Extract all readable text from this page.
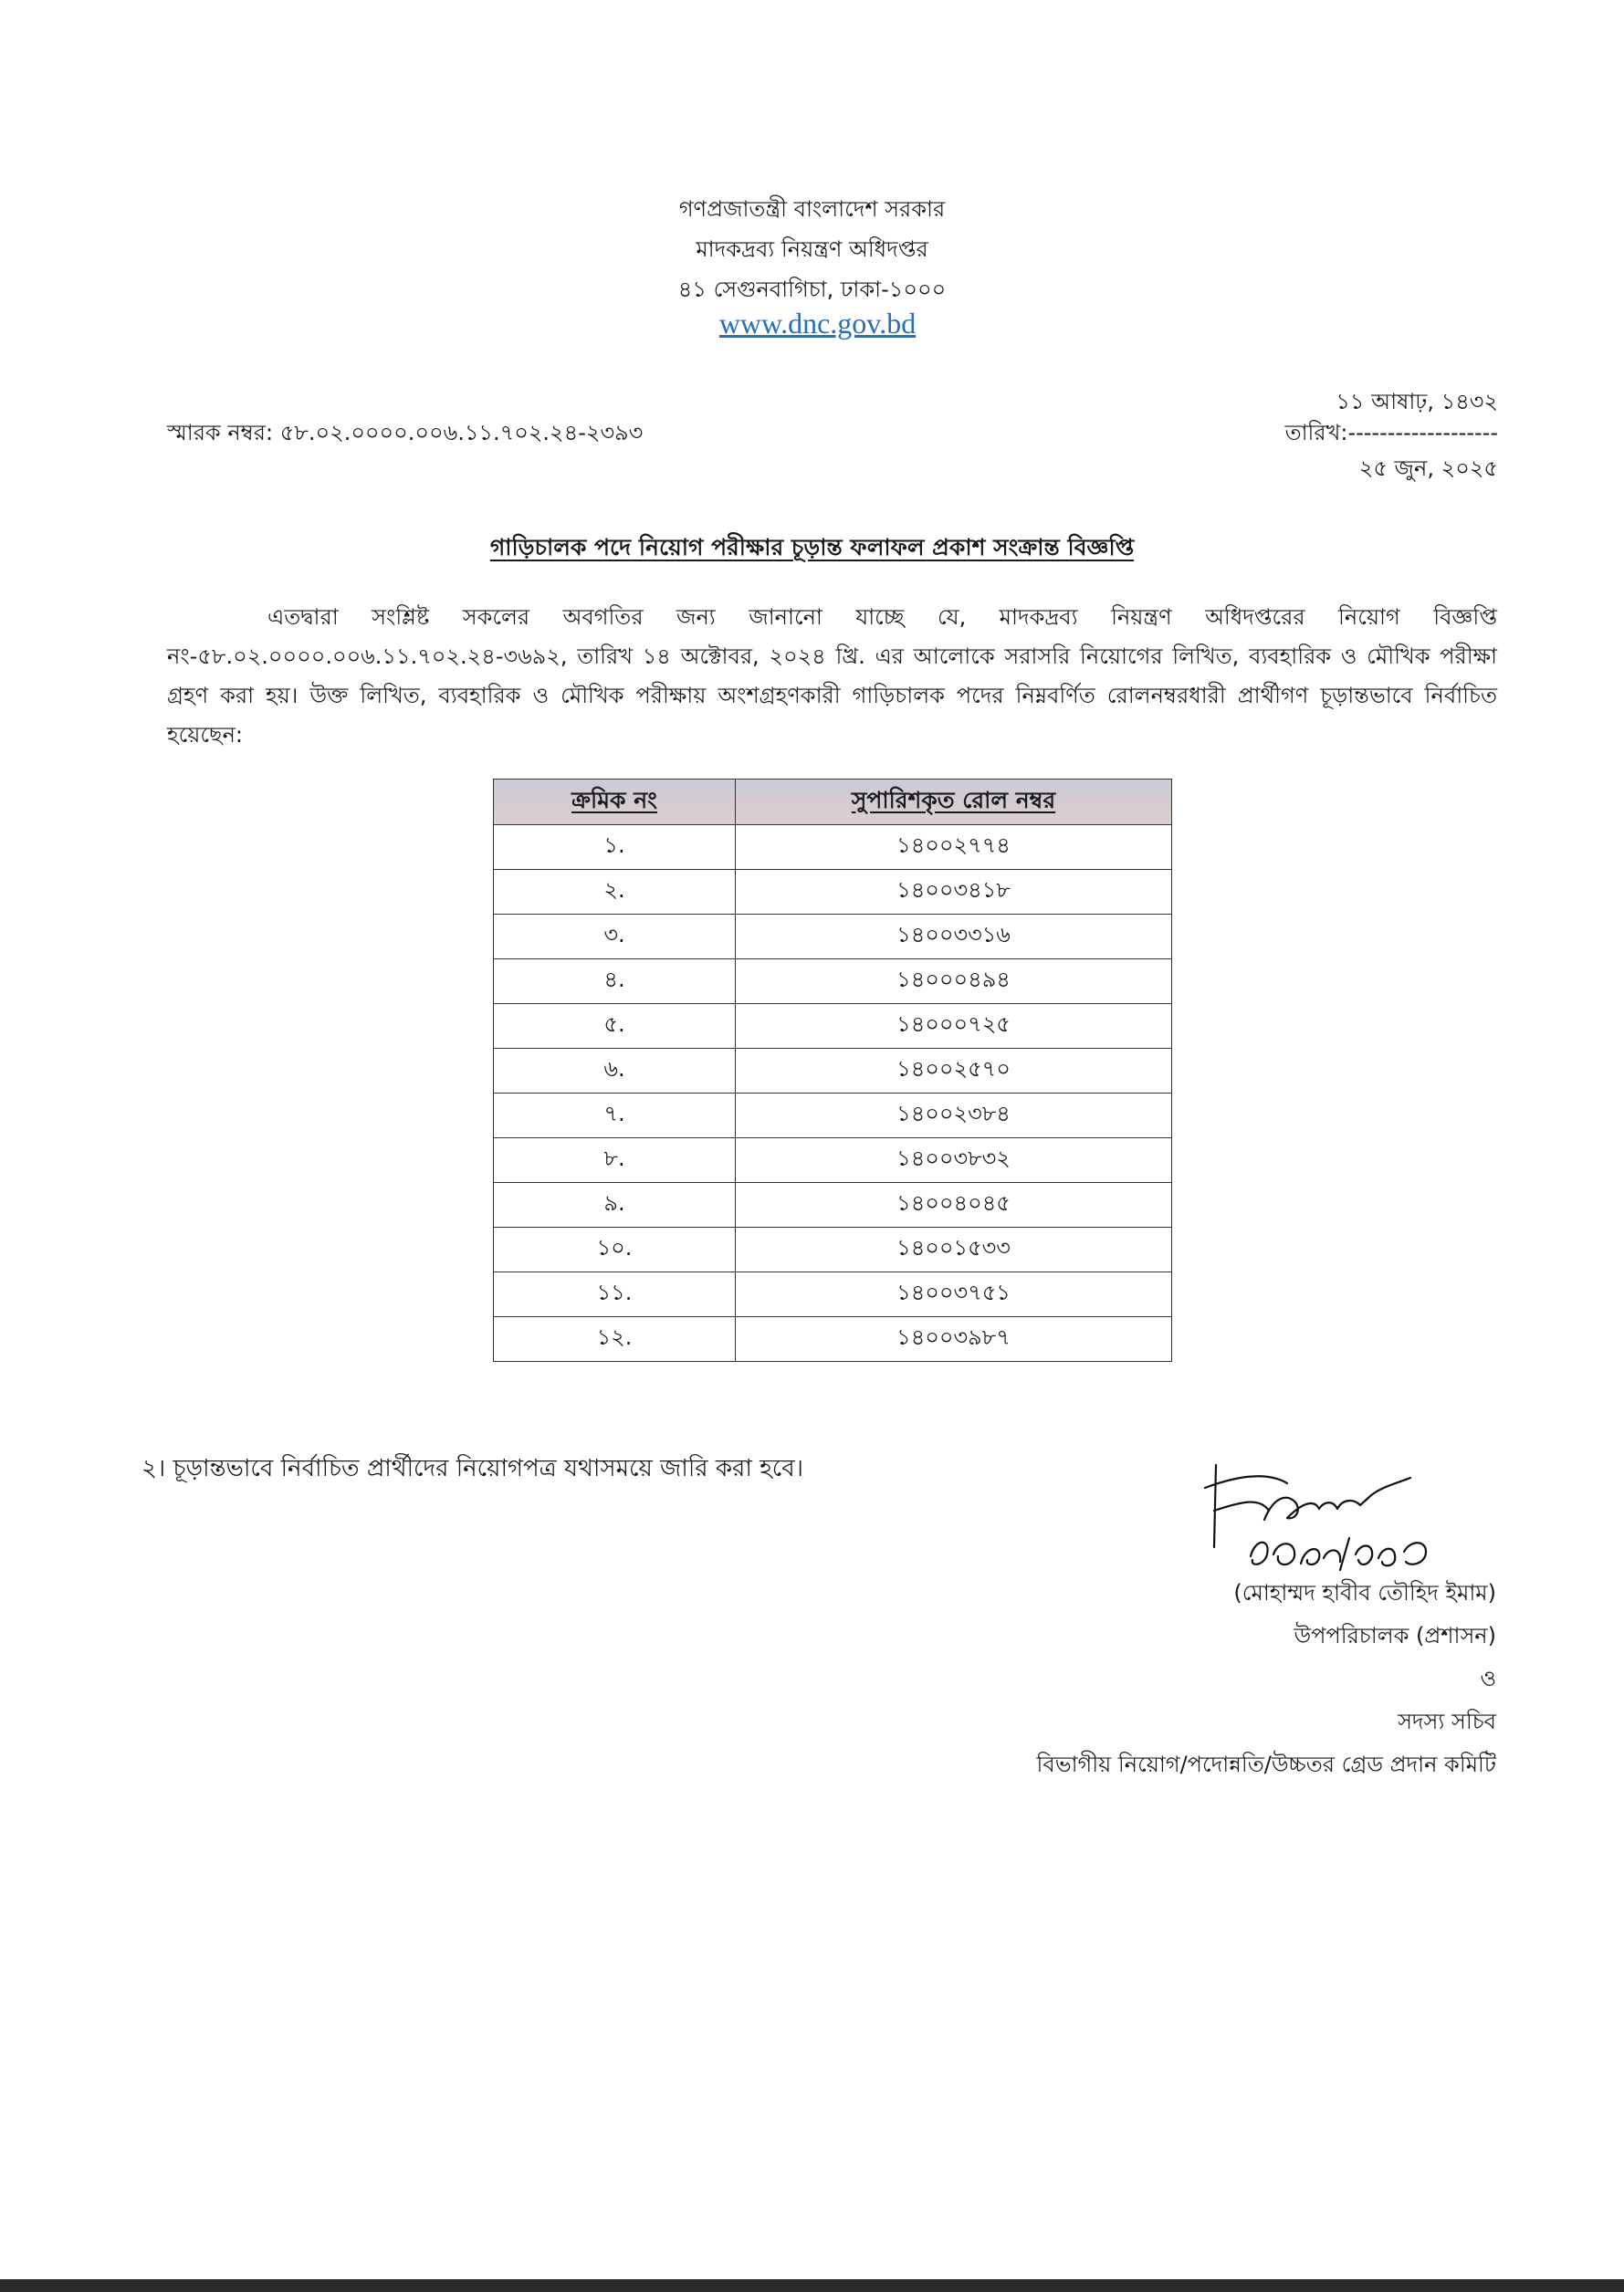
গণপ্রজাতন্ত্রী বাংলাদেশ সরকার
মাদকদ্রব্য নিয়ন্ত্রণ অধিদপ্তর
৪১ সেগুনবাগিচা, ঢাকা-১০০০
www.dnc.gov.bd
স্মারক নম্বর: ৫৮.০২.০০০০.০০৬.১১.৭০২.২৪-২৩৯৩
১১ আষাঢ়, ১৪৩২
তারিখ:-------------------
২৫ জুন, ২০২৫
গাড়িচালক পদে নিয়োগ পরীক্ষার চূড়ান্ত ফলাফল প্রকাশ সংক্রান্ত বিজ্ঞপ্তি
এতদ্বারা সংশ্লিষ্ট সকলের অবগতির জন্য জানানো যাচ্ছে যে, মাদকদ্রব্য নিয়ন্ত্রণ অধিদপ্তরের নিয়োগ বিজ্ঞপ্তি নং-৫৮.০২.০০০০.০০৬.১১.৭০২.২৪-৩৬৯২, তারিখ ১৪ অক্টোবর, ২০২৪ খ্রি. এর আলোকে সরাসরি নিয়োগের লিখিত, ব্যবহারিক ও মৌখিক পরীক্ষা গ্রহণ করা হয়। উক্ত লিখিত, ব্যবহারিক ও মৌখিক পরীক্ষায় অংশগ্রহণকারী গাড়িচালক পদের নিম্নবর্ণিত রোলনম্বরধারী প্রার্থীগণ চূড়ান্তভাবে নির্বাচিত হয়েছেন:
ক্রমিক নং	সুপারিশকৃত রোল নম্বর
১.	১৪০০২৭৭৪
২.	১৪০০৩৪১৮
৩.	১৪০০৩৩১৬
৪.	১৪০০০৪৯৪
৫.	১৪০০০৭২৫
৬.	১৪০০২৫৭০
৭.	১৪০০২৩৮৪
৮.	১৪০০৩৮৩২
৯.	১৪০০৪০৪৫
১০.	১৪০০১৫৩৩
১১.	১৪০০৩৭৫১
১২.	১৪০০৩৯৮৭
২। চূড়ান্তভাবে নির্বাচিত প্রার্থীদের নিয়োগপত্র যথাসময়ে জারি করা হবে।
(মোহাম্মদ হাবীব তৌহিদ ইমাম)
উপপরিচালক (প্রশাসন)
ও
সদস্য সচিব
বিভাগীয় নিয়োগ/পদোন্নতি/উচ্চতর গ্রেড প্রদান কমিটি
